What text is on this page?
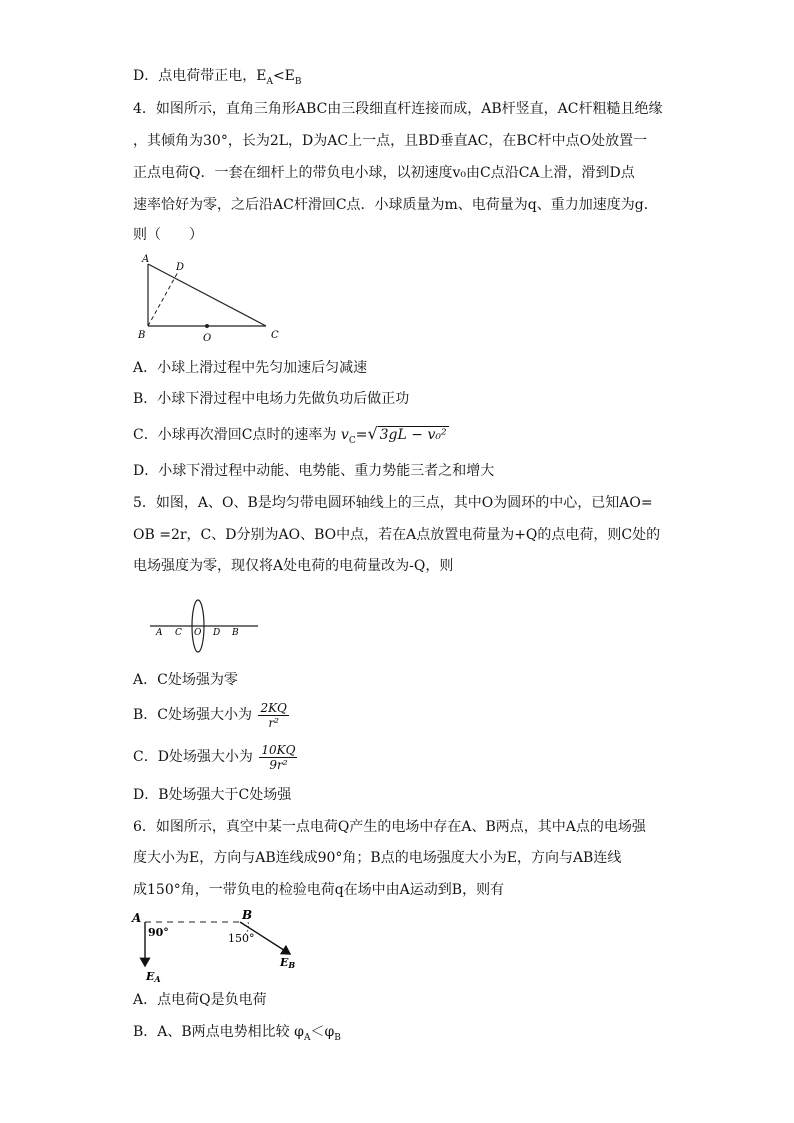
D．点电荷带正电，$E_A<E_B$
4．如图所示，直角三角形ABC由三段细直杆连接而成，AB杆竖直，AC杆粗糙且绝缘
，其倾角为30°，长为2L，D为AC上一点，且BD垂直AC，在BC杆中点O处放置一
正点电荷Q．一套在细杆上的带负电小球，以初速度v₀由C点沿CA上滑，滑到D点
速率恰好为零，之后沿AC杆滑回C点．小球质量为m、电荷量为q、重力加速度为g．
则（　　）
A
D
B	C
O
A．小球上滑过程中先匀加速后匀减速
B．小球下滑过程中电场力先做负功后做正功
C．小球再次滑回C点时的速率为 $v_C=√$ 3gL − v₀²
D．小球下滑过程中动能、电势能、重力势能三者之和增大
5．如图，A、O、B是均匀带电圆环轴线上的三点，其中O为圆环的中心，已知AO=
OB =2r，C、D分别为AO、BO中点，若在A点放置电荷量为+Q的点电荷，则C处的
电场强度为零，现仅将A处电荷的电荷量改为-Q，则
A C O D B
A．C处场强为零
B．C处场强大小为 $\frac{2KQ}{\text{r²}}$
C．D处场强大小为 $\frac{10KQ}{\text{9r²}}$
D．B处场强大于C处场强
6．如图所示，真空中某一点电荷Q产生的电场中存在A、B两点，其中A点的电场强
度大小为E，方向与AB连线成90°角；B点的电场强度大小为E，方向与AB连线
成150°角，一带负电的检验电荷q在场中由A运动到B，则有
A	B
90°	150°
EA
EB
A．点电荷Q是负电荷
B．A、B两点电势相比较 $\varphi_A<\varphi_B$
